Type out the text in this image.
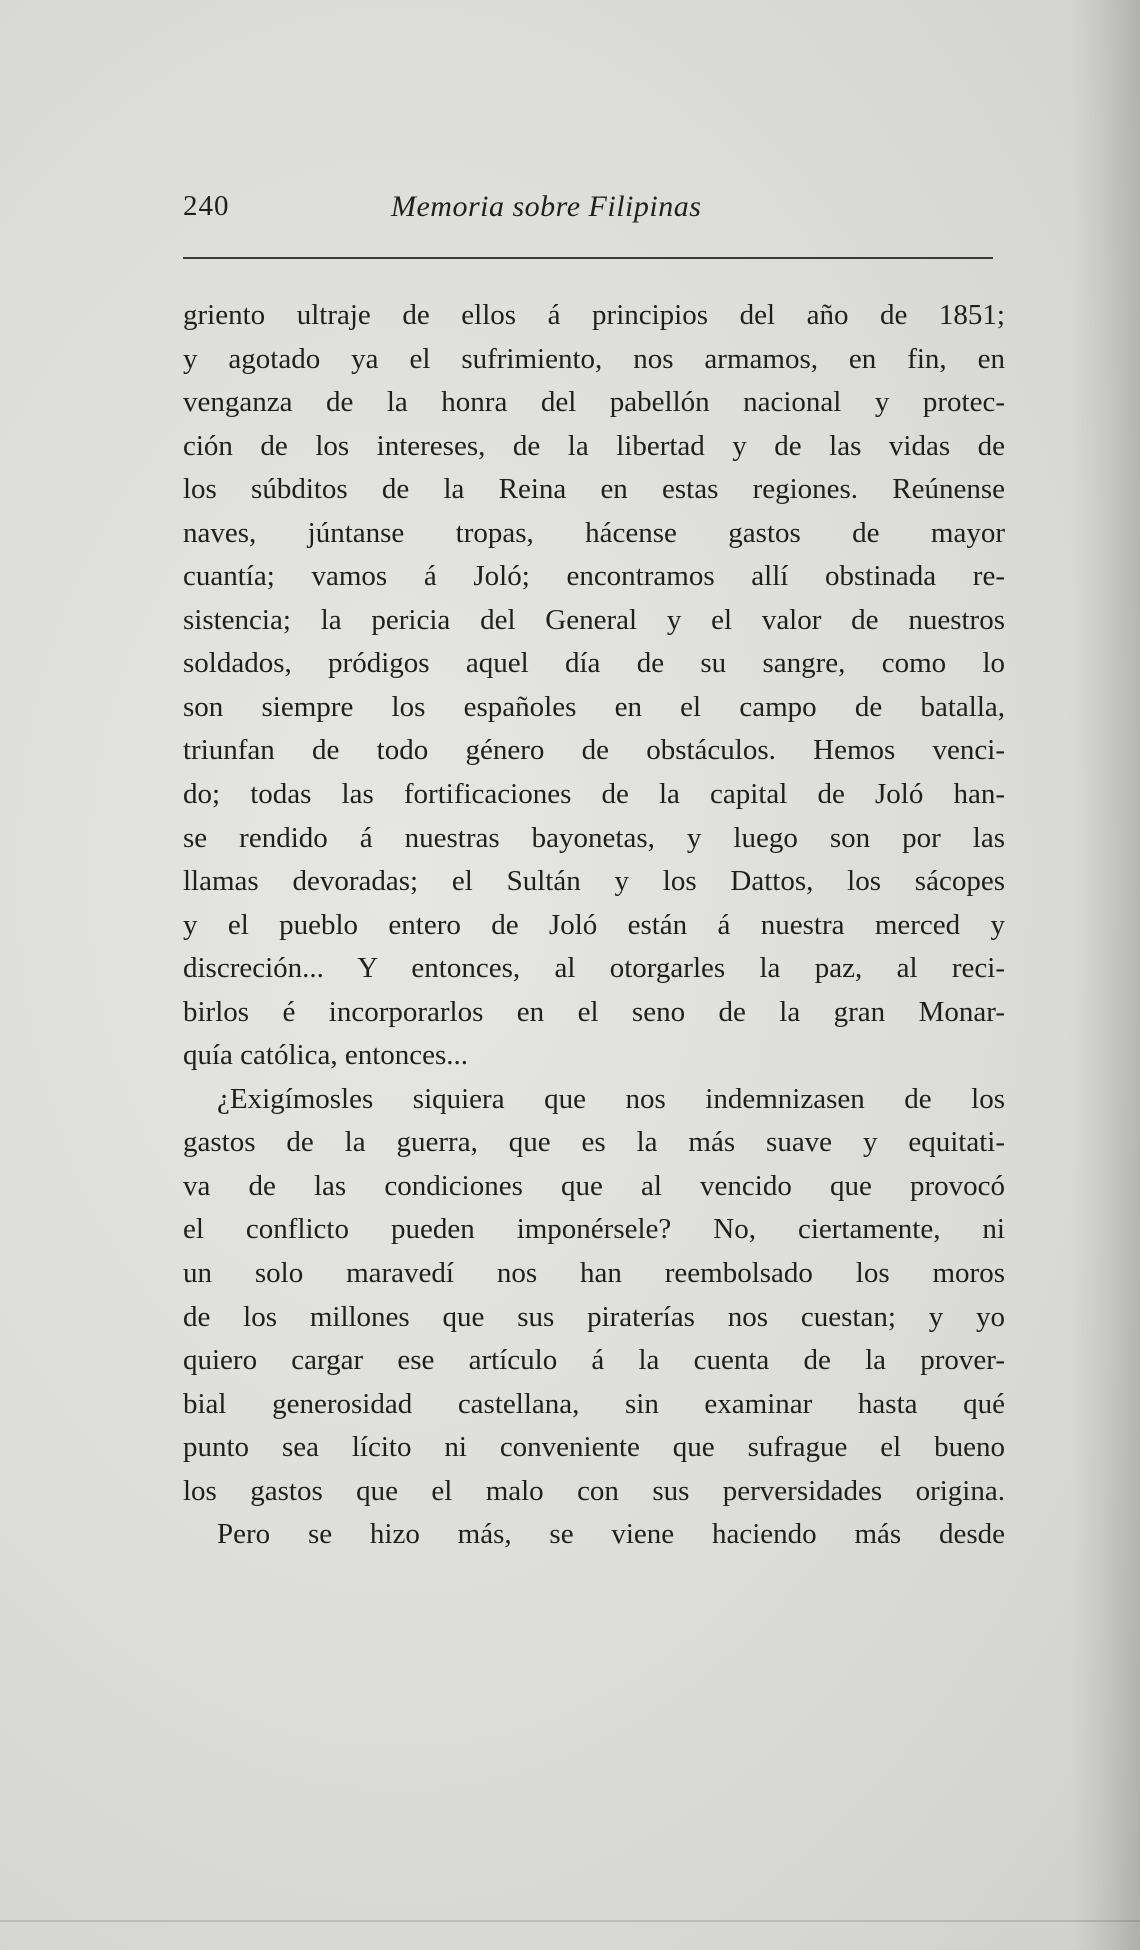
240	Memoria sobre Filipinas
griento ultraje de ellos á principios del año de 1851;
y agotado ya el sufrimiento, nos armamos, en fin, en
venganza de la honra del pabellón nacional y protec-
ción de los intereses, de la libertad y de las vidas de
los súbditos de la Reina en estas regiones. Reúnense
naves, júntanse tropas, hácense gastos de mayor
cuantía; vamos á Joló; encontramos allí obstinada re-
sistencia; la pericia del General y el valor de nuestros
soldados, pródigos aquel día de su sangre, como lo
son siempre los españoles en el campo de batalla,
triunfan de todo género de obstáculos. Hemos venci-
do; todas las fortificaciones de la capital de Joló han-
se rendido á nuestras bayonetas, y luego son por las
llamas devoradas; el Sultán y los Dattos, los sácopes
y el pueblo entero de Joló están á nuestra merced y
discreción... Y entonces, al otorgarles la paz, al reci-
birlos é incorporarlos en el seno de la gran Monar-
quía católica, entonces...
¿Exigímosles siquiera que nos indemnizasen de los
gastos de la guerra, que es la más suave y equitati-
va de las condiciones que al vencido que provocó
el conflicto pueden imponérsele? No, ciertamente, ni
un solo maravedí nos han reembolsado los moros
de los millones que sus piraterías nos cuestan; y yo
quiero cargar ese artículo á la cuenta de la prover-
bial generosidad castellana, sin examinar hasta qué
punto sea lícito ni conveniente que sufrague el bueno
los gastos que el malo con sus perversidades origina.
Pero se hizo más, se viene haciendo más desde
